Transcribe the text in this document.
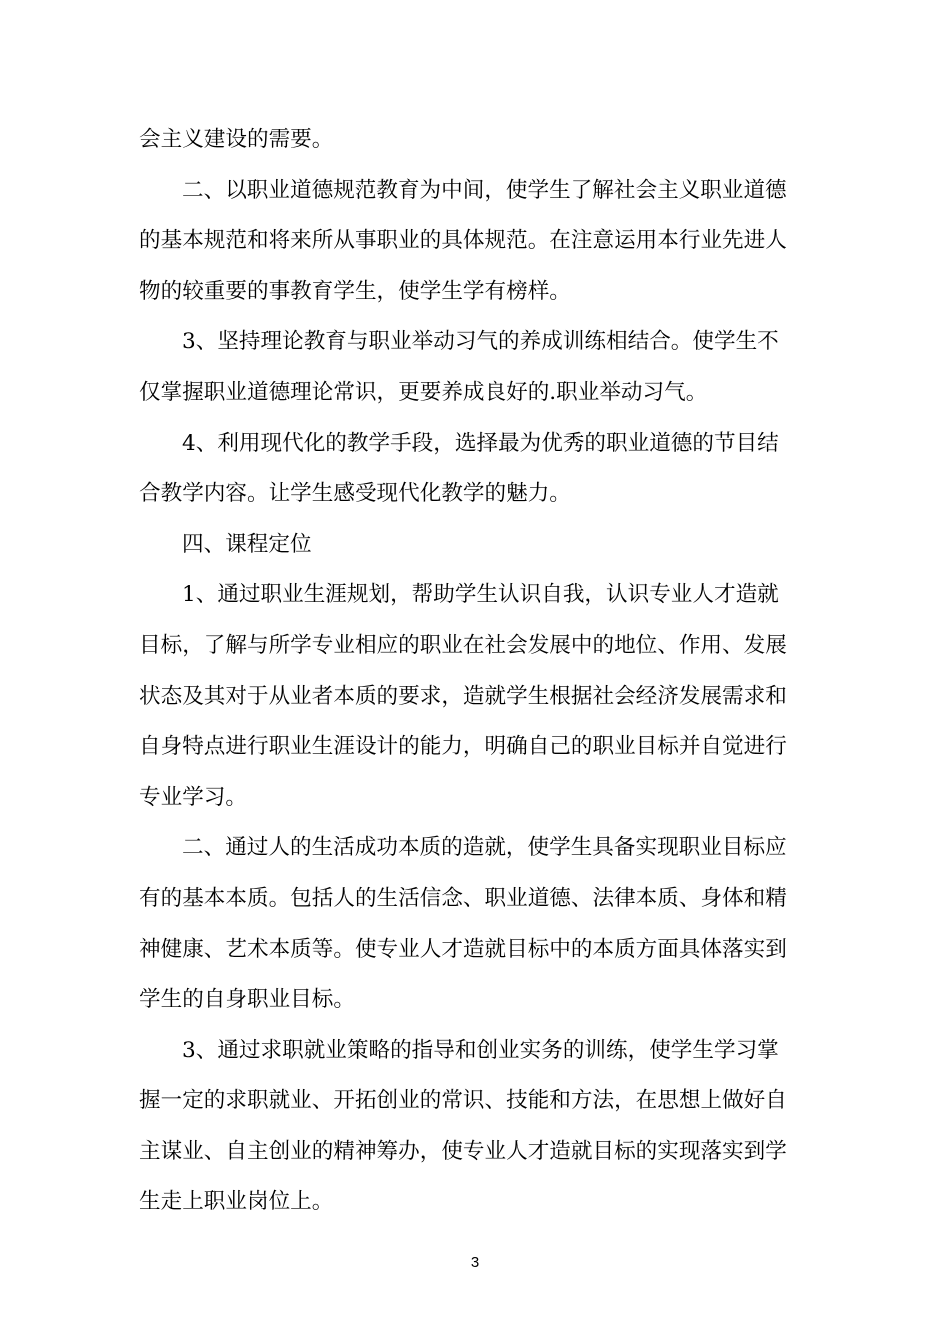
会主义建设的需要。
二、以职业道德规范教育为中间，使学生了解社会主义职业道德
的基本规范和将来所从事职业的具体规范。在注意运用本行业先进人
物的较重要的事教育学生，使学生学有榜样。
3、坚持理论教育与职业举动习气的养成训练相结合。使学生不
仅掌握职业道德理论常识，更要养成良好的.职业举动习气。
4、利用现代化的教学手段，选择最为优秀的职业道德的节目结
合教学内容。让学生感受现代化教学的魅力。
四、课程定位
1、通过职业生涯规划，帮助学生认识自我，认识专业人才造就
目标，了解与所学专业相应的职业在社会发展中的地位、作用、发展
状态及其对于从业者本质的要求，造就学生根据社会经济发展需求和
自身特点进行职业生涯设计的能力，明确自己的职业目标并自觉进行
专业学习。
二、通过人的生活成功本质的造就，使学生具备实现职业目标应
有的基本本质。包括人的生活信念、职业道德、法律本质、身体和精
神健康、艺术本质等。使专业人才造就目标中的本质方面具体落实到
学生的自身职业目标。
3、通过求职就业策略的指导和创业实务的训练，使学生学习掌
握一定的求职就业、开拓创业的常识、技能和方法，在思想上做好自
主谋业、自主创业的精神筹办，使专业人才造就目标的实现落实到学
生走上职业岗位上。
3
